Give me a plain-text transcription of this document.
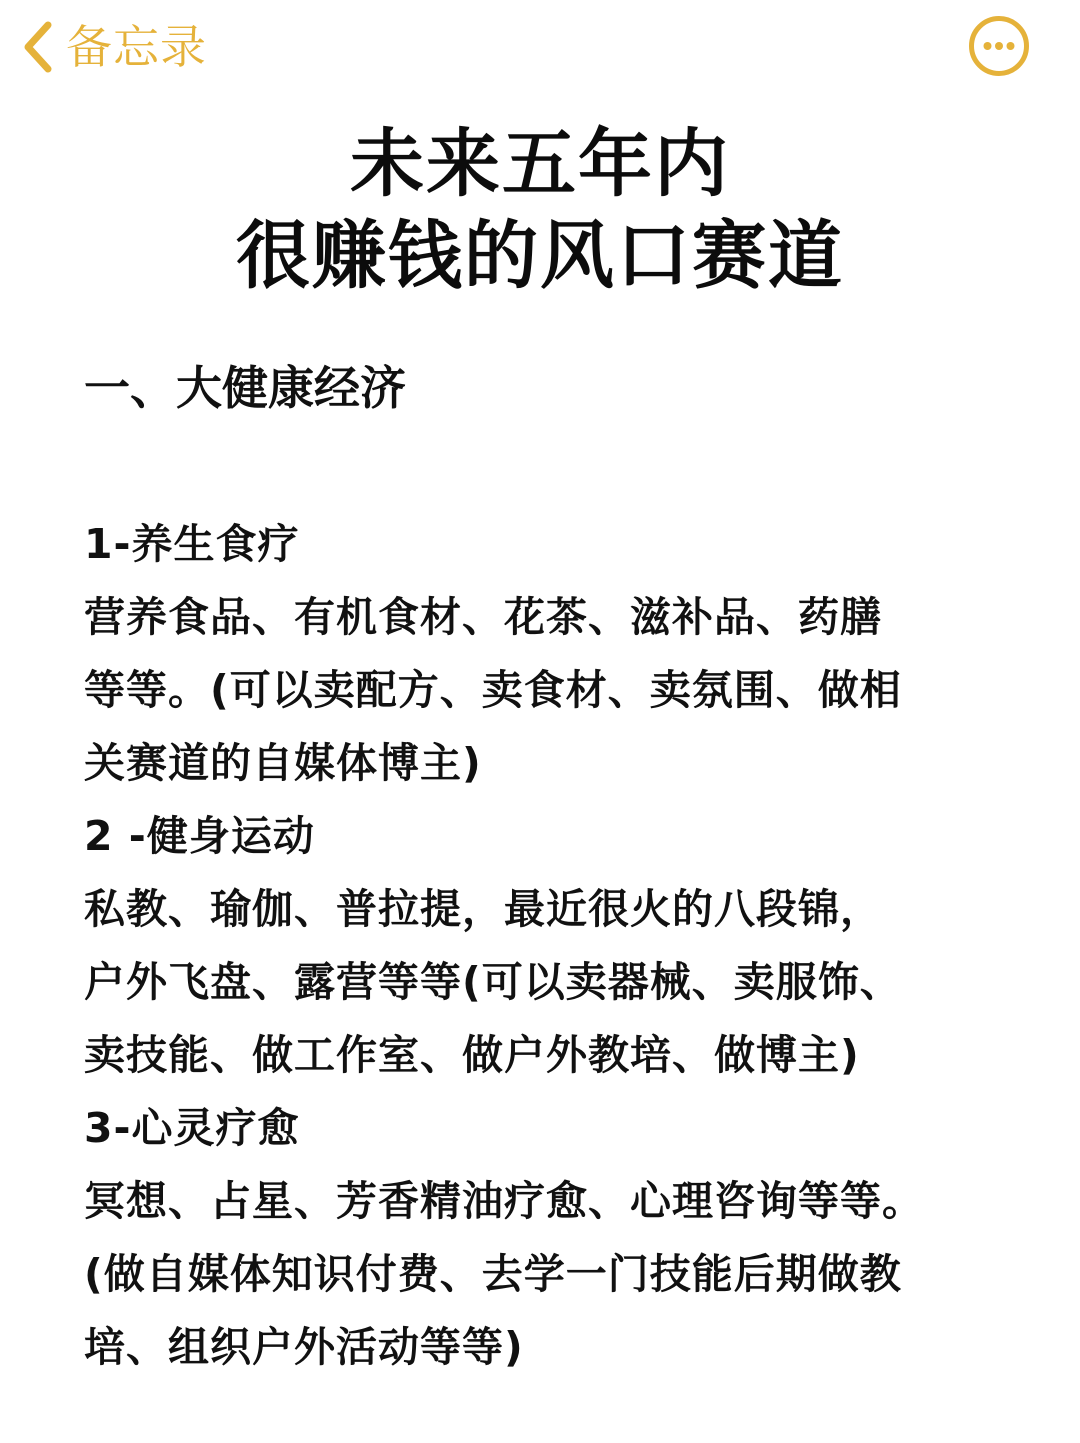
备忘录
未来五年内
很赚钱的风口赛道
一、大健康经济
1-养生食疗
营养食品、有机食材、花茶、滋补品、药膳
等等。(可以卖配方、卖食材、卖氛围、做相
关赛道的自媒体博主)
2 -健身运动
私教、瑜伽、普拉提，最近很火的八段锦，
户外飞盘、露营等等(可以卖器械、卖服饰、
卖技能、做工作室、做户外教培、做博主)
3-心灵疗愈
冥想、占星、芳香精油疗愈、心理咨询等等。
(做自媒体知识付费、去学一门技能后期做教
培、组织户外活动等等)
